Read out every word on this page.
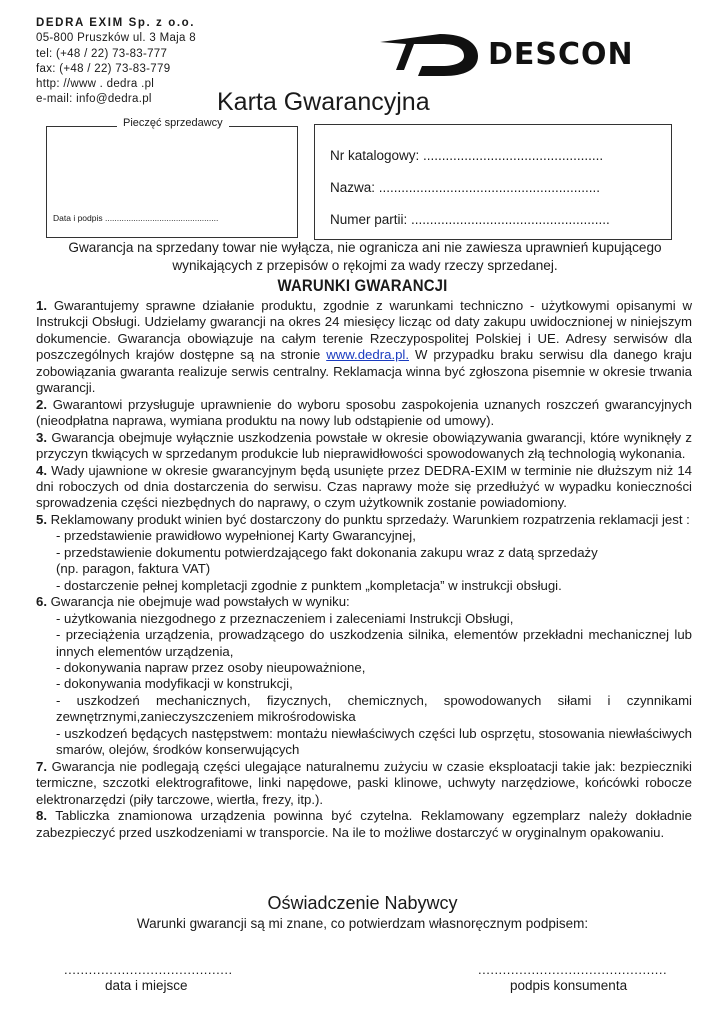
DEDRA EXIM Sp. z o.o.
05-800 Pruszków ul. 3 Maja 8
tel: (+48 / 22) 73-83-777
fax: (+48 / 22) 73-83-779
http: //www . dedra .pl
e-mail: info@dedra.pl
DESCON
Karta Gwarancyjna
Pieczęć sprzedawcy
Data i podpis ................................................
Nr katalogowy: ................................................
Nazwa: ...........................................................
Numer partii: .....................................................
Gwarancja na sprzedany towar nie wyłącza, nie ogranicza ani nie zawiesza uprawnień kupującego wynikających z przepisów o rękojmi za wady rzeczy sprzedanej.
WARUNKI GWARANCJI

1. Gwarantujemy sprawne działanie produktu, zgodnie z warunkami techniczno - użytkowymi opisanymi w Instrukcji Obsługi. Udzielamy gwarancji na okres 24 miesięcy licząc od daty zakupu uwidocznionej w niniejszym dokumencie. Gwarancja obowiązuje na całym terenie Rzeczypospolitej Polskiej i UE. Adresy serwisów dla poszczególnych krajów dostępne są na stronie www.dedra.pl. W przypadku braku serwisu dla danego kraju zobowiązania gwaranta realizuje serwis centralny. Reklamacja winna być zgłoszona pisemnie w okresie trwania gwarancji.

2. Gwarantowi przysługuje uprawnienie do wyboru sposobu zaspokojenia uznanych roszczeń gwarancyjnych (nieodpłatna naprawa, wymiana produktu na nowy lub odstąpienie od umowy).

3. Gwarancja obejmuje wyłącznie uszkodzenia powstałe w okresie obowiązywania gwarancji, które wyniknęły z przyczyn tkwiących w sprzedanym produkcie lub nieprawidłowości spowodowanych złą technologią wykonania.

4. Wady ujawnione w okresie gwarancyjnym będą usunięte przez DEDRA-EXIM w terminie nie dłuższym niż 14 dni roboczych od dnia dostarczenia do serwisu. Czas naprawy może się przedłużyć w wypadku konieczności sprowadzenia części niezbędnych do naprawy, o czym użytkownik zostanie powiadomiony.

5. Reklamowany produkt winien być dostarczony do punktu sprzedaży. Warunkiem rozpatrzenia reklamacji jest :

- przedstawienie prawidłowo wypełnionej Karty Gwarancyjnej,

- przedstawienie dokumentu potwierdzającego fakt dokonania zakupu wraz z datą sprzedaży

(np. paragon, faktura VAT)

- dostarczenie pełnej kompletacji zgodnie z punktem „kompletacja” w instrukcji obsługi.

6. Gwarancja nie obejmuje wad powstałych w wyniku:

- użytkowania niezgodnego z przeznaczeniem i zaleceniami Instrukcji Obsługi,

- przeciążenia urządzenia, prowadzącego do uszkodzenia silnika, elementów przekładni mechanicznej lub innych elementów urządzenia,

- dokonywania napraw przez osoby nieupoważnione,

- dokonywania modyfikacji w konstrukcji,

- uszkodzeń mechanicznych, fizycznych, chemicznych, spowodowanych siłami i czynnikami zewnętrznymi,zanieczyszczeniem mikrośrodowiska

- uszkodzeń będących następstwem: montażu niewłaściwych części lub osprzętu, stosowania niewłaściwych smarów, olejów, środków konserwujących

7. Gwarancja nie podlegają części ulegające naturalnemu zużyciu w czasie eksploatacji takie jak: bezpieczniki termiczne, szczotki elektrografitowe, linki napędowe, paski klinowe, uchwyty narzędziowe, końcówki robocze elektronarzędzi (piły tarczowe, wiertła, frezy, itp.).

8. Tabliczka znamionowa urządzenia powinna być czytelna. Reklamowany egzemplarz należy dokładnie zabezpieczyć przed uszkodzeniami w transporcie. Na ile to możliwe dostarczyć w oryginalnym opakowaniu.

Oświadczenie Nabywcy
Warunki gwarancji są mi znane, co potwierdzam własnoręcznym podpisem:
.........................................	..............................................
data i miejsce	podpis konsumenta
